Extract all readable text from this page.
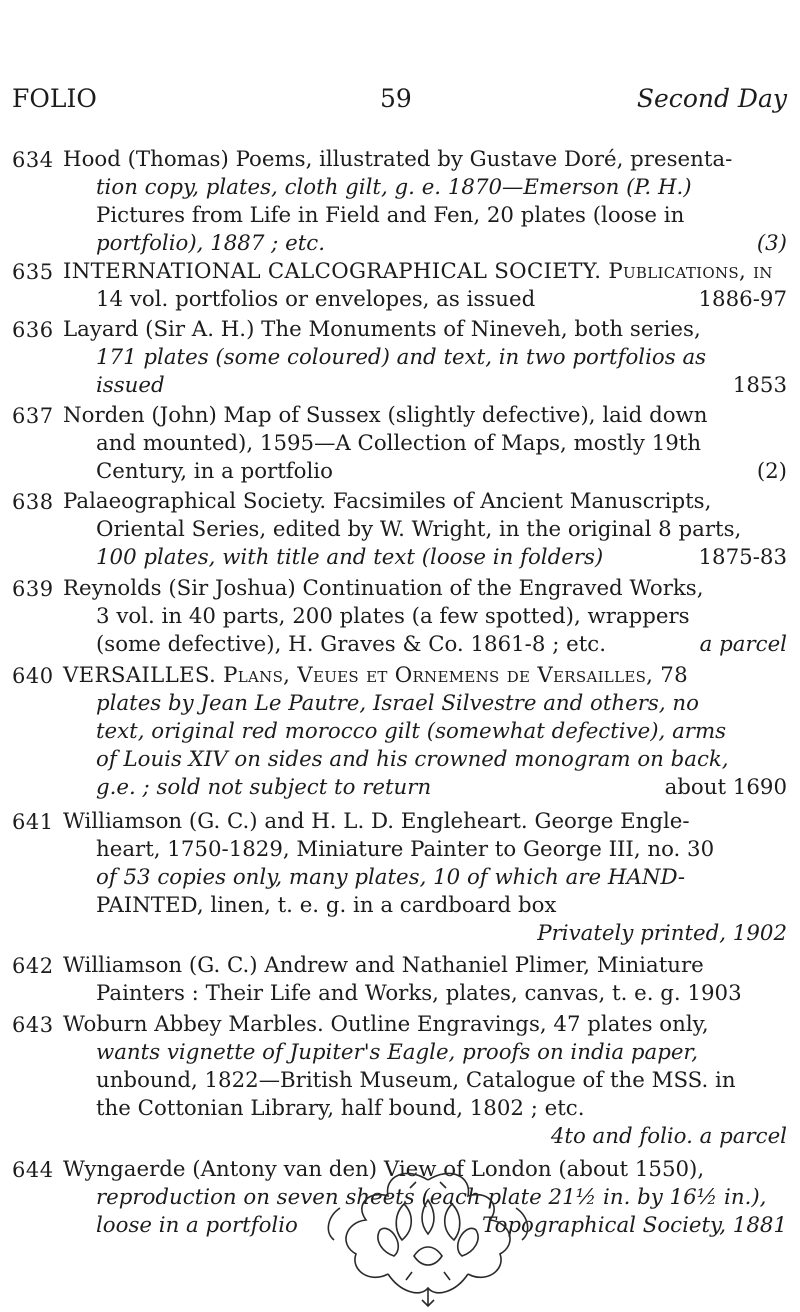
FOLIO	59	Second Day
634 Hood (Thomas) Poems, illustrated by Gustave Doré, presenta-
tion copy, plates, cloth gilt, g. e. 1870—Emerson (P. H.)
Pictures from Life in Field and Fen, 20 plates (loose in
portfolio), 1887 ; etc.	(3)
635 INTERNATIONAL CALCOGRAPHICAL SOCIETY. Publications, in
14 vol. portfolios or envelopes, as issued	1886-97
636 Layard (Sir A. H.) The Monuments of Nineveh, both series,
171 plates (some coloured) and text, in two portfolios as
issued	1853
637 Norden (John) Map of Sussex (slightly defective), laid down
and mounted), 1595—A Collection of Maps, mostly 19th
Century, in a portfolio	(2)
638 Palaeographical Society. Facsimiles of Ancient Manuscripts,
Oriental Series, edited by W. Wright, in the original 8 parts,
100 plates, with title and text (loose in folders)	1875-83
639 Reynolds (Sir Joshua) Continuation of the Engraved Works,
3 vol. in 40 parts, 200 plates (a few spotted), wrappers
(some defective), H. Graves & Co. 1861-8 ; etc.	a parcel
640 VERSAILLES. Plans, Veues et Ornemens de Versailles, 78
plates by Jean Le Pautre, Israel Silvestre and others, no
text, original red morocco gilt (somewhat defective), arms
of Louis XIV on sides and his crowned monogram on back,
g.e. ; sold not subject to return	about 1690
641 Williamson (G. C.) and H. L. D. Engleheart. George Engle-
heart, 1750-1829, Miniature Painter to George III, no. 30
of 53 copies only, many plates, 10 of which are HAND-
PAINTED, linen, t. e. g. in a cardboard box
Privately printed, 1902
642 Williamson (G. C.) Andrew and Nathaniel Plimer, Miniature
Painters : Their Life and Works, plates, canvas, t. e. g. 1903
643 Woburn Abbey Marbles. Outline Engravings, 47 plates only,
wants vignette of Jupiter's Eagle, proofs on india paper,
unbound, 1822—British Museum, Catalogue of the MSS. in
the Cottonian Library, half bound, 1802 ; etc.
4to and folio. a parcel
644 Wyngaerde (Antony van den) View of London (about 1550),
reproduction on seven sheets (each plate 21½ in. by 16½ in.),
loose in a portfolio	Topographical Society, 1881
